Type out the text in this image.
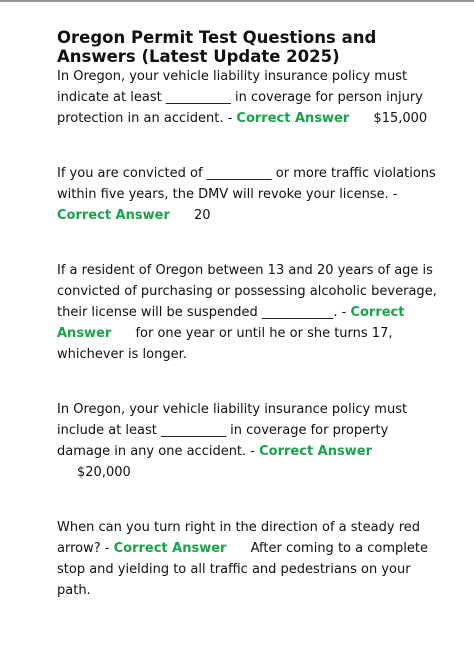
Oregon Permit Test Questions and Answers (Latest Update 2025)

In Oregon, your vehicle liability insurance policy must indicate at least __________ in coverage for person injury protection in an accident. - Correct Answer $15,000

If you are convicted of __________ or more traffic violations within five years, the DMV will revoke your license. - Correct Answer 20

If a resident of Oregon between 13 and 20 years of age is convicted of purchasing or possessing alcoholic beverage, their license will be suspended ___________. - Correct Answer for one year or until he or she turns 17, whichever is longer.

In Oregon, your vehicle liability insurance policy must include at least __________ in coverage for property damage in any one accident. - Correct Answer $20,000

When can you turn right in the direction of a steady red arrow? - Correct Answer After coming to a complete stop and yielding to all traffic and pedestrians on your path.
